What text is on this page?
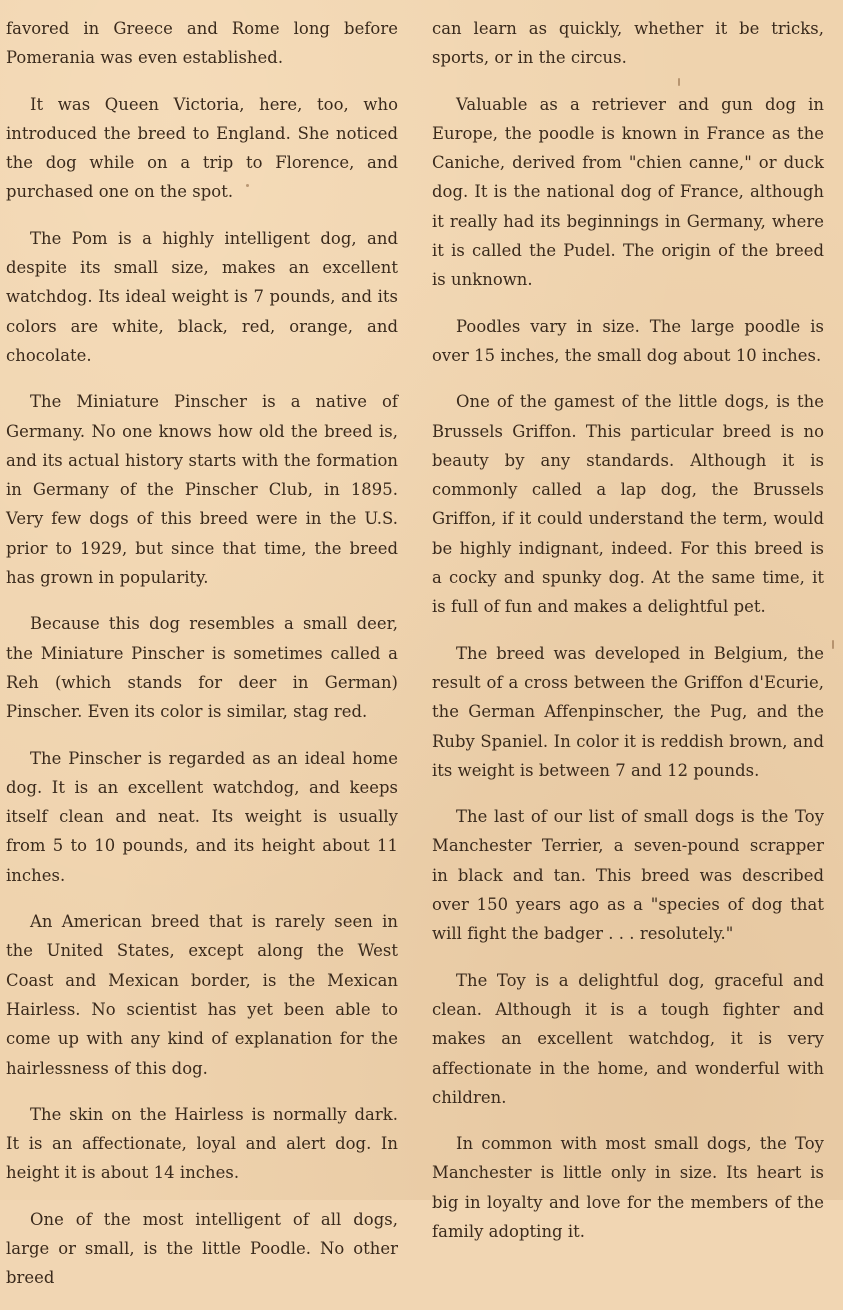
favored in Greece and Rome long before Pomerania was even established.

It was Queen Victoria, here, too, who introduced the breed to England. She noticed the dog while on a trip to Florence, and purchased one on the spot.

The Pom is a highly intelligent dog, and despite its small size, makes an excellent watchdog. Its ideal weight is 7 pounds, and its colors are white, black, red, orange, and chocolate.

The Miniature Pinscher is a native of Germany. No one knows how old the breed is, and its actual history starts with the formation in Germany of the Pinscher Club, in 1895. Very few dogs of this breed were in the U.S. prior to 1929, but since that time, the breed has grown in popularity.

Because this dog resembles a small deer, the Miniature Pinscher is sometimes called a Reh (which stands for deer in German) Pinscher. Even its color is similar, stag red.

The Pinscher is regarded as an ideal home dog. It is an excellent watchdog, and keeps itself clean and neat. Its weight is usually from 5 to 10 pounds, and its height about 11 inches.

An American breed that is rarely seen in the United States, except along the West Coast and Mexican border, is the Mexican Hairless. No scientist has yet been able to come up with any kind of explanation for the hairlessness of this dog.

The skin on the Hairless is normally dark. It is an affectionate, loyal and alert dog. In height it is about 14 inches.

One of the most intelligent of all dogs, large or small, is the little Poodle. No other breed

can learn as quickly, whether it be tricks, sports, or in the circus.

Valuable as a retriever and gun dog in Europe, the poodle is known in France as the Caniche, derived from "chien canne," or duck dog. It is the national dog of France, although it really had its beginnings in Germany, where it is called the Pudel. The origin of the breed is unknown.

Poodles vary in size. The large poodle is over 15 inches, the small dog about 10 inches.

One of the gamest of the little dogs, is the Brussels Griffon. This particular breed is no beauty by any standards. Although it is commonly called a lap dog, the Brussels Griffon, if it could understand the term, would be highly indignant, indeed. For this breed is a cocky and spunky dog. At the same time, it is full of fun and makes a delightful pet.

The breed was developed in Belgium, the result of a cross between the Griffon d'Ecurie, the German Affenpinscher, the Pug, and the Ruby Spaniel. In color it is reddish brown, and its weight is between 7 and 12 pounds.

The last of our list of small dogs is the Toy Manchester Terrier, a seven-pound scrapper in black and tan. This breed was described over 150 years ago as a "species of dog that will fight the badger . . . resolutely."

The Toy is a delightful dog, graceful and clean. Although it is a tough fighter and makes an excellent watchdog, it is very affectionate in the home, and wonderful with children.

In common with most small dogs, the Toy Manchester is little only in size. Its heart is big in loyalty and love for the members of the family adopting it.
